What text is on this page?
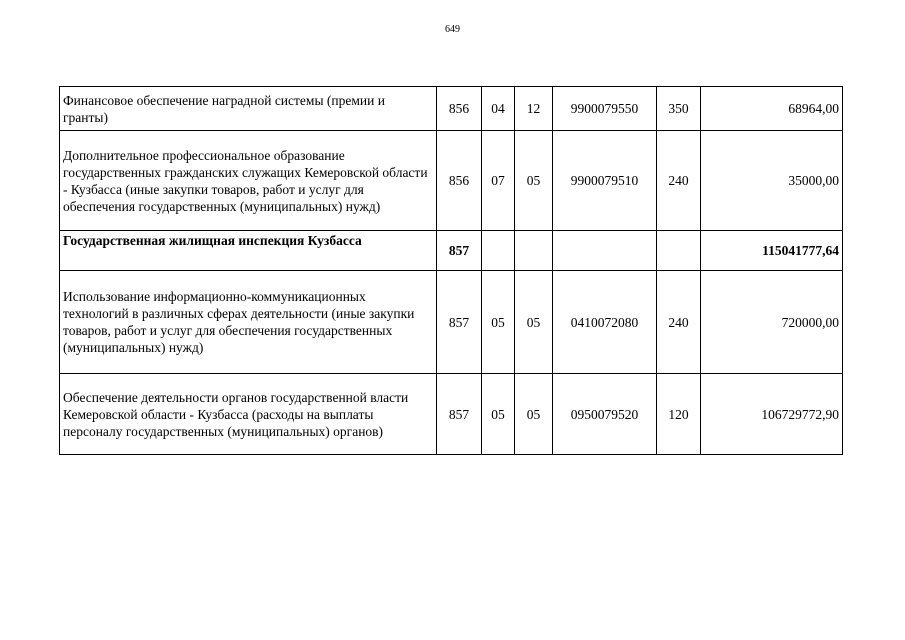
649
Финансовое обеспечение наградной системы (премии и гранты)	856	04	12	9900079550	350	68964,00
Дополнительное профессиональное образование государственных гражданских служащих Кемеровской области - Кузбасса (иные закупки товаров, работ и услуг для обеспечения государственных (муниципальных) нужд)	856	07	05	9900079510	240	35000,00
Государственная жилищная инспекция Кузбасса	857					115041777,64
Использование информационно-коммуникационных технологий в различных сферах деятельности (иные закупки товаров, работ и услуг для обеспечения государственных (муниципальных) нужд)	857	05	05	0410072080	240	720000,00
Обеспечение деятельности органов государственной власти Кемеровской области - Кузбасса (расходы на выплаты персоналу государственных (муниципальных) органов)	857	05	05	0950079520	120	106729772,90
